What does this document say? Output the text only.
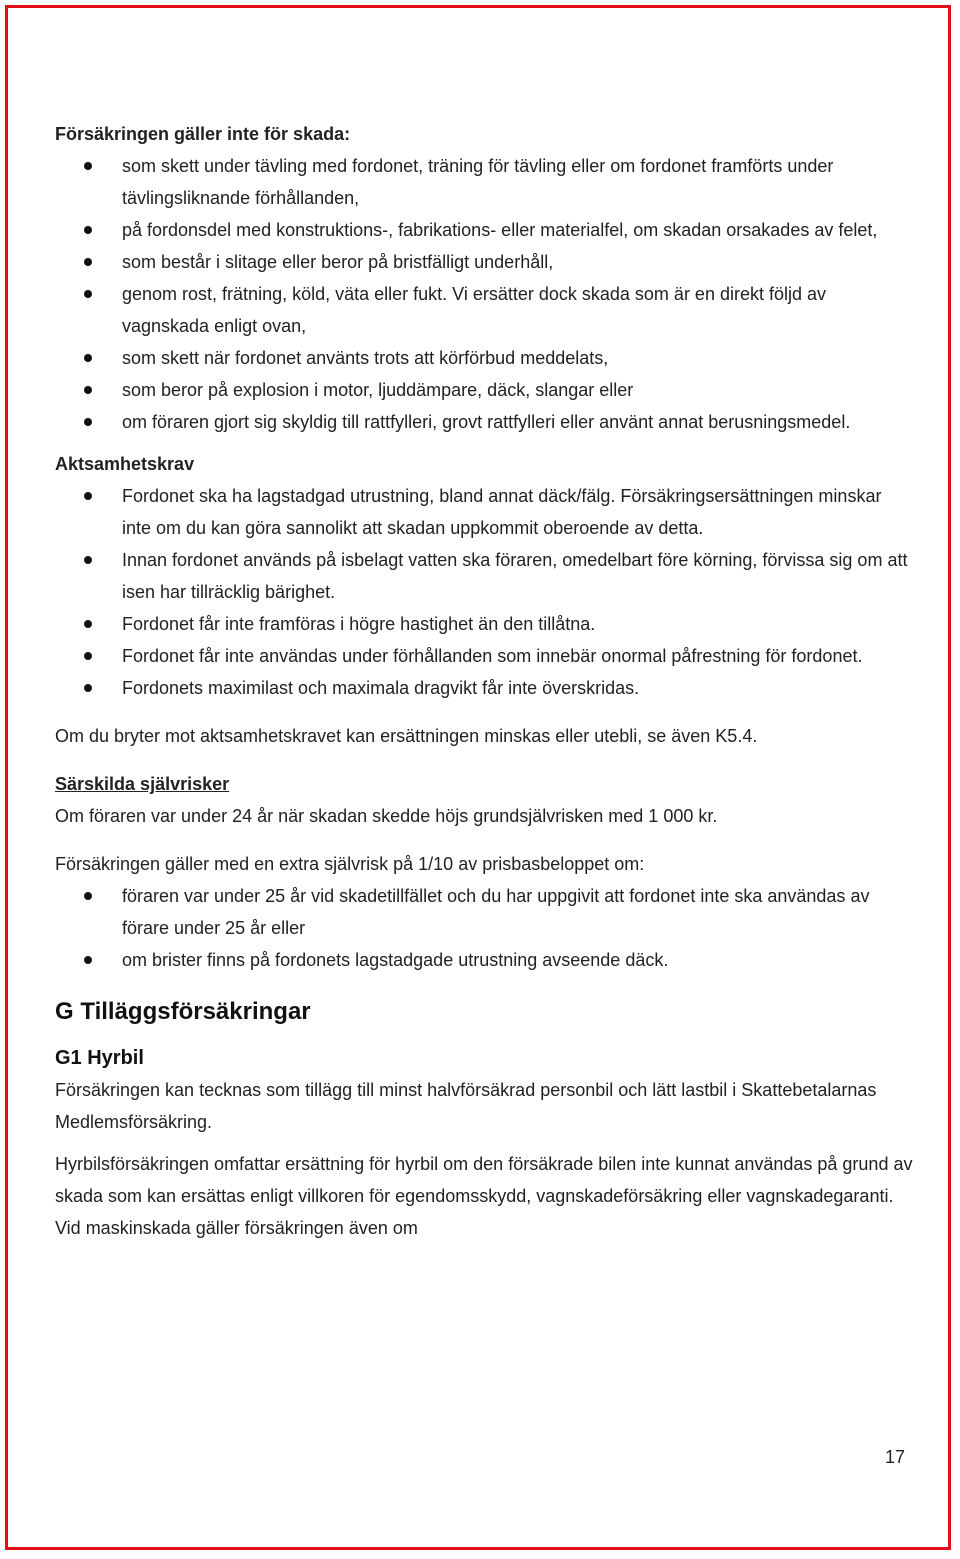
Försäkringen gäller inte för skada:

som skett under tävling med fordonet, träning för tävling eller om fordonet framförts under tävlingsliknande förhållanden,
på fordonsdel med konstruktions-, fabrikations- eller materialfel, om skadan orsakades av felet,
som består i slitage eller beror på bristfälligt underhåll,
genom rost, frätning, köld, väta eller fukt. Vi ersätter dock skada som är en direkt följd av vagnskada enligt ovan,
som skett när fordonet använts trots att körförbud meddelats,
som beror på explosion i motor, ljuddämpare, däck, slangar eller
om föraren gjort sig skyldig till rattfylleri, grovt rattfylleri eller använt annat berusningsmedel.

Aktsamhetskrav

Fordonet ska ha lagstadgad utrustning, bland annat däck/fälg. Försäkringsersättningen minskar inte om du kan göra sannolikt att skadan uppkommit oberoende av detta.
Innan fordonet används på isbelagt vatten ska föraren, omedelbart före körning, förvissa sig om att isen har tillräcklig bärighet.
Fordonet får inte framföras i högre hastighet än den tillåtna.
Fordonet får inte användas under förhållanden som innebär onormal påfrestning för fordonet.
Fordonets maximilast och maximala dragvikt får inte överskridas.

Om du bryter mot aktsamhetskravet kan ersättningen minskas eller utebli, se även K5.4.

Särskilda självrisker

Om föraren var under 24 år när skadan skedde höjs grundsjälvrisken med 1 000 kr.

Försäkringen gäller med en extra självrisk på 1/10 av prisbasbeloppet om:

föraren var under 25 år vid skadetillfället och du har uppgivit att fordonet inte ska användas av förare under 25 år eller
om brister finns på fordonets lagstadgade utrustning avseende däck.
G Tilläggsförsäkringar
G1 Hyrbil

Försäkringen kan tecknas som tillägg till minst halvförsäkrad personbil och lätt lastbil i Skattebetalarnas Medlemsförsäkring.

Hyrbilsförsäkringen omfattar ersättning för hyrbil om den försäkrade bilen inte kunnat användas på grund av skada som kan ersättas enligt villkoren för egendomsskydd, vagnskadeförsäkring eller vagnskadegaranti. Vid maskinskada gäller försäkringen även om

17
